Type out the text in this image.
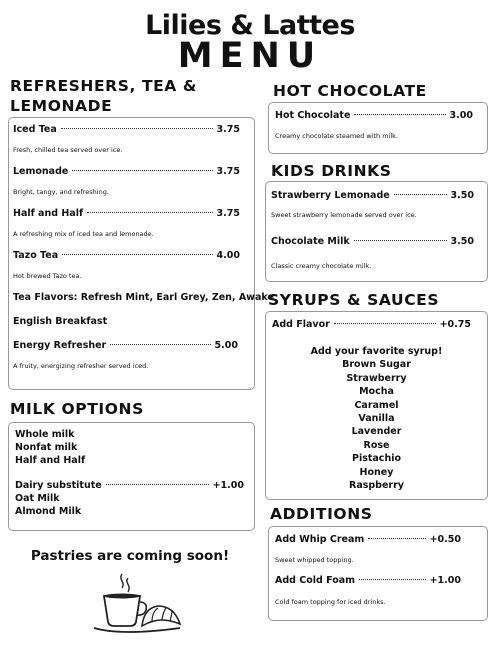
Lilies & Lattes
MENU
REFRESHERS, TEA &
LEMONADE
Iced Tea	3.75
Fresh, chilled tea served over ice.
Lemonade	3.75
Bright, tangy, and refreshing.
Half and Half	3.75
A refreshing mix of iced tea and lemonade.
Tazo Tea	4.00
Hot brewed Tazo tea.
Tea Flavors: Refresh Mint, Earl Grey, Zen, Awake
English Breakfast
Energy Refresher	5.00
A fruity, energizing refresher served iced.
MILK OPTIONS
Whole milk
Nonfat milk
Half and Half
Dairy substitute	+1.00
Oat Milk
Almond Milk
Pastries are coming soon!
HOT CHOCOLATE
Hot Chocolate	3.00
Creamy chocolate steamed with milk.
KIDS DRINKS
Strawberry Lemonade	3.50
Sweet strawberry lemonade served over ice.
Chocolate Milk	3.50
Classic creamy chocolate milk.
SYRUPS & SAUCES
Add Flavor	+0.75
Add your favorite syrup!
Brown Sugar
Strawberry
Mocha
Caramel
Vanilla
Lavender
Rose
Pistachio
Honey
Raspberry
ADDITIONS
Add Whip Cream	+0.50
Sweet whipped topping.
Add Cold Foam	+1.00
Cold foam topping for iced drinks.
